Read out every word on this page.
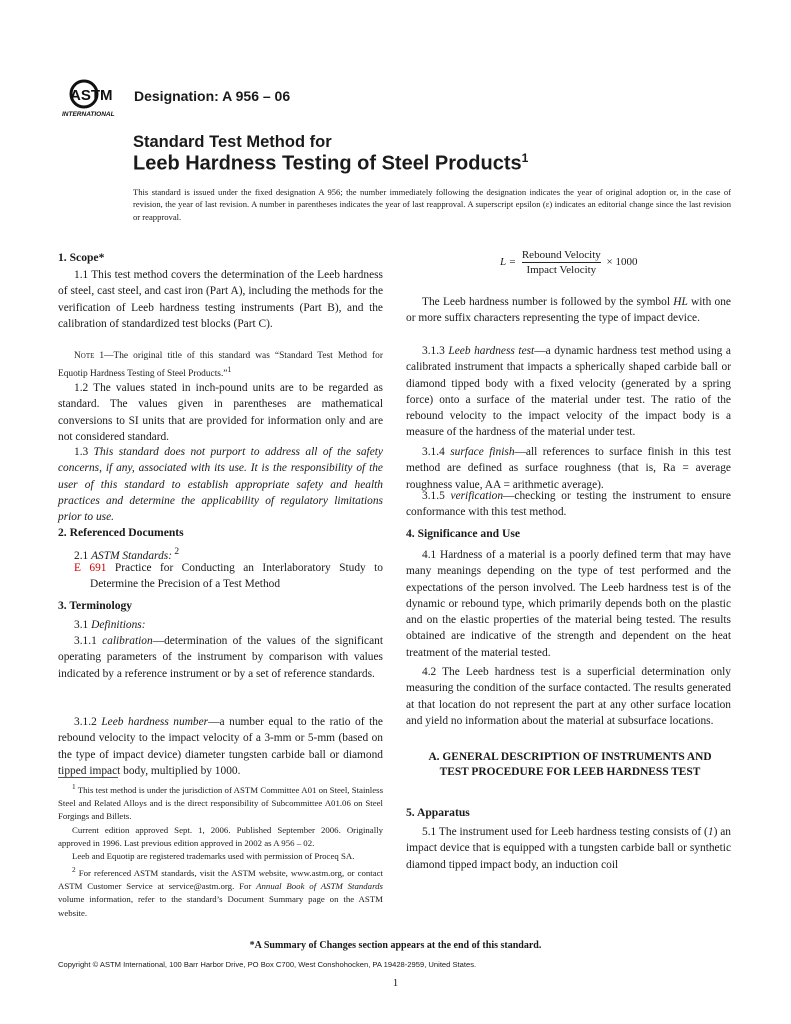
ASTM
INTERNATIONAL
Designation: A 956 – 06
Standard Test Method for
Leeb Hardness Testing of Steel Products$^1$
This standard is issued under the fixed designation A 956; the number immediately following the designation indicates the year of original adoption or, in the case of revision, the year of last revision. A number in parentheses indicates the year of last reapproval. A superscript epsilon (ε) indicates an editorial change since the last revision or reapproval.
1. Scope*

1.1 This test method covers the determination of the Leeb hardness of steel, cast steel, and cast iron (Part A), including the methods for the verification of Leeb hardness testing instruments (Part B), and the calibration of standardized test blocks (Part C).

Note 1—The original title of this standard was “Standard Test Method for Equotip Hardness Testing of Steel Products.”$^1$

1.2 The values stated in inch-pound units are to be regarded as standard. The values given in parentheses are mathematical conversions to SI units that are provided for information only and are not considered standard.

1.3 This standard does not purport to address all of the safety concerns, if any, associated with its use. It is the responsibility of the user of this standard to establish appropriate safety and health practices and determine the applicability of regulatory limitations prior to use.

2. Referenced Documents

2.1 ASTM Standards: $^2$

E 691 Practice for Conducting an Interlaboratory Study to Determine the Precision of a Test Method

3. Terminology

3.1 Definitions:

3.1.1 calibration—determination of the values of the significant operating parameters of the instrument by comparison with values indicated by a reference instrument or by a set of reference standards.

3.1.2 Leeb hardness number—a number equal to the ratio of the rebound velocity to the impact velocity of a 3-mm or 5-mm (based on the type of impact device) diameter tungsten carbide ball or diamond tipped impact body, multiplied by 1000.

$^1$ This test method is under the jurisdiction of ASTM Committee A01 on Steel, Stainless Steel and Related Alloys and is the direct responsibility of Subcommittee A01.06 on Steel Forgings and Billets.

Current edition approved Sept. 1, 2006. Published September 2006. Originally approved in 1996. Last previous edition approved in 2002 as A 956 – 02.

Leeb and Equotip are registered trademarks used with permission of Proceq SA.

$^2$ For referenced ASTM standards, visit the ASTM website, www.astm.org, or contact ASTM Customer Service at service@astm.org. For Annual Book of ASTM Standards volume information, refer to the standard’s Document Summary page on the ASTM website.

$L = \frac{\text{Rebound Velocity}}{\text{Impact Velocity}} \times 1000$

The Leeb hardness number is followed by the symbol HL with one or more suffix characters representing the type of impact device.

3.1.3 Leeb hardness test—a dynamic hardness test method using a calibrated instrument that impacts a spherically shaped carbide ball or diamond tipped body with a fixed velocity (generated by a spring force) onto a surface of the material under test. The ratio of the rebound velocity to the impact velocity of the impact body is a measure of the hardness of the material under test.

3.1.4 surface finish—all references to surface finish in this test method are defined as surface roughness (that is, Ra = average roughness value, AA = arithmetic average).

3.1.5 verification—checking or testing the instrument to ensure conformance with this test method.

4. Significance and Use

4.1 Hardness of a material is a poorly defined term that may have many meanings depending on the type of test performed and the expectations of the person involved. The Leeb hardness test is of the dynamic or rebound type, which primarily depends both on the plastic and on the elastic properties of the material being tested. The results obtained are indicative of the strength and dependent on the heat treatment of the material tested.

4.2 The Leeb hardness test is a superficial determination only measuring the condition of the surface contacted. The results generated at that location do not represent the part at any other surface location and yield no information about the material at subsurface locations.

A. GENERAL DESCRIPTION OF INSTRUMENTS AND TEST PROCEDURE FOR LEEB HARDNESS TEST
5. Apparatus

5.1 The instrument used for Leeb hardness testing consists of (1) an impact device that is equipped with a tungsten carbide ball or synthetic diamond tipped impact body, an induction coil

*A Summary of Changes section appears at the end of this standard.
Copyright © ASTM International, 100 Barr Harbor Drive, PO Box C700, West Conshohocken, PA 19428-2959, United States.
1
